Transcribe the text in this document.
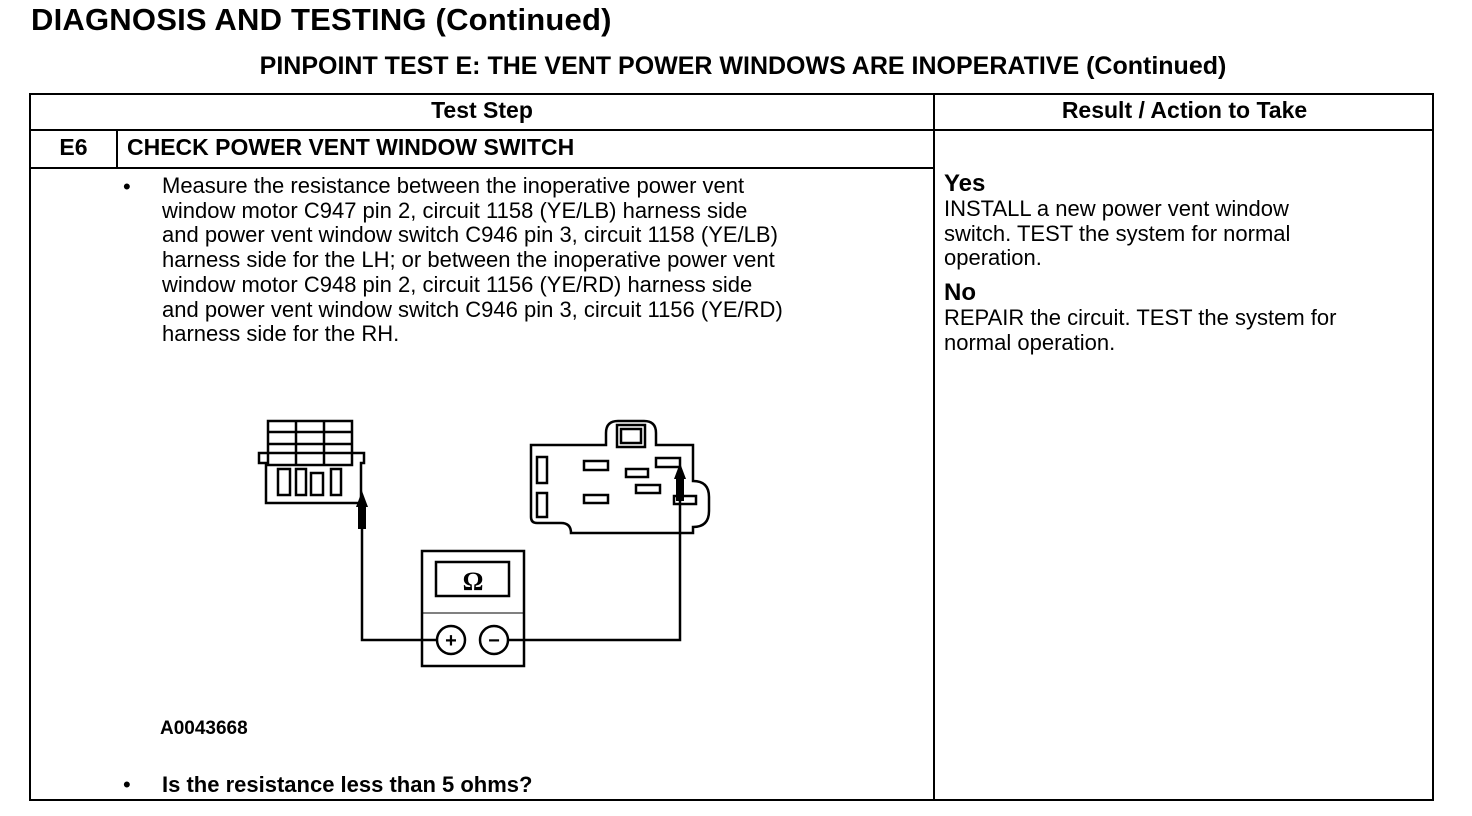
DIAGNOSIS AND TESTING (Continued)
PINPOINT TEST E: THE VENT POWER WINDOWS ARE INOPERATIVE (Continued)
Test Step	Result / Action to Take
E6	CHECK POWER VENT WINDOW SWITCH
• Measure the resistance between the inoperative power vent
window motor C947 pin 2, circuit 1158 (YE/LB) harness side
and power vent window switch C946 pin 3, circuit 1158 (YE/LB)
harness side for the LH; or between the inoperative power vent
window motor C948 pin 2, circuit 1156 (YE/RD) harness side
and power vent window switch C946 pin 3, circuit 1156 (YE/RD)
harness side for the RH.
Ω
+ −
A0043668
• Is the resistance less than 5 ohms?
Yes
INSTALL a new power vent window
switch. TEST the system for normal
operation.
No
REPAIR the circuit. TEST the system for
normal operation.
